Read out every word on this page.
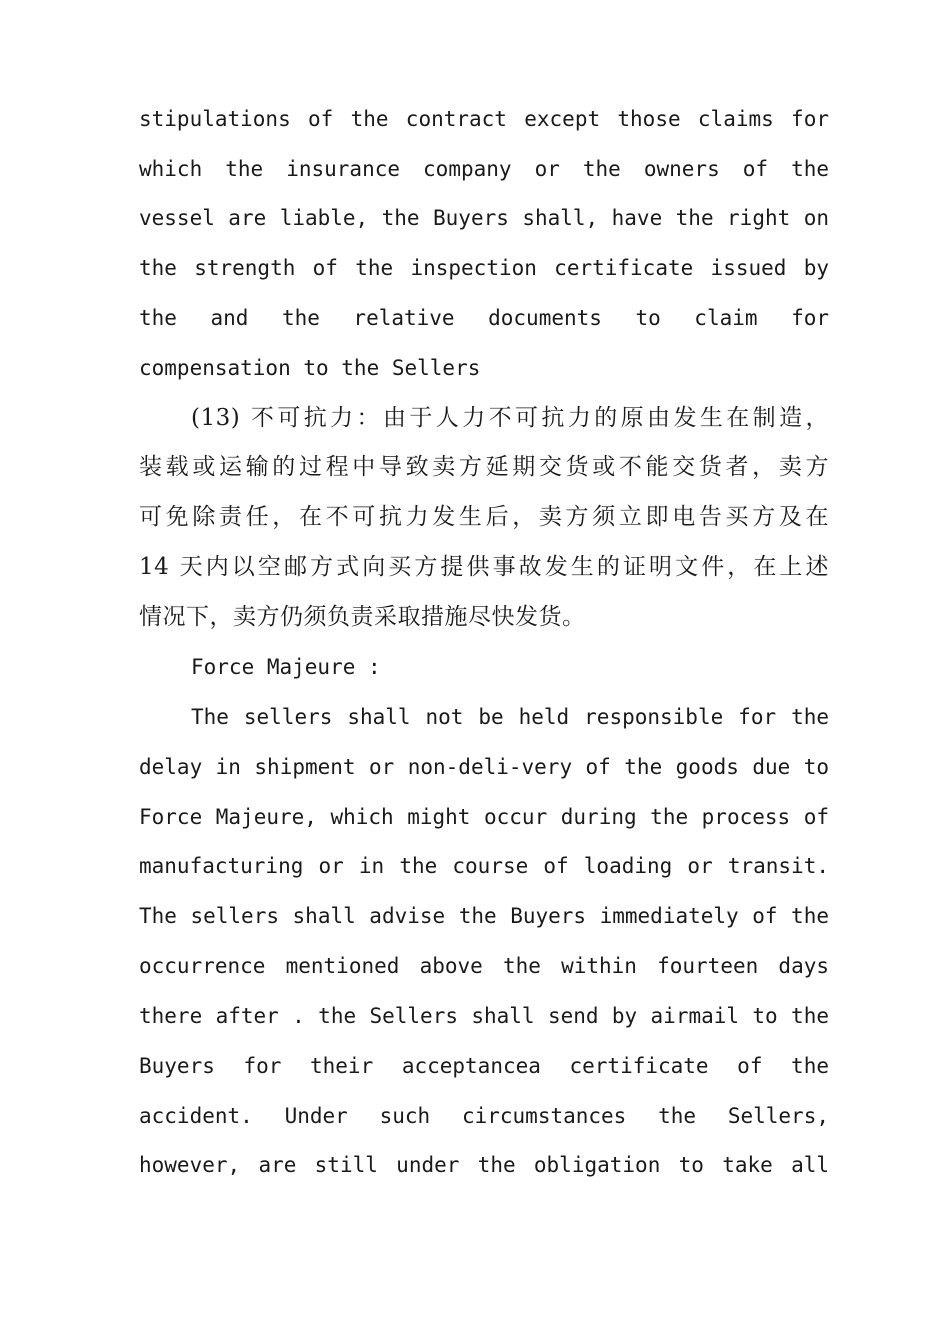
stipulations of the contract except those claims for
which the insurance company or the owners of the
vessel are liable, the Buyers shall, have the right on
the strength of the inspection certificate issued by
the and the relative documents to claim for
compensation to the Sellers
(13) 不可抗力：由于人力不可抗力的原由发生在制造，
装载或运输的过程中导致卖方延期交货或不能交货者，卖方
可免除责任，在不可抗力发生后，卖方须立即电告买方及在
14 天内以空邮方式向买方提供事故发生的证明文件，在上述
情况下，卖方仍须负责采取措施尽快发货。
Force Majeure :
The sellers shall not be held responsible for the
delay in shipment or non-deli-very of the goods due to
Force Majeure, which might occur during the process of
manufacturing or in the course of loading or transit.
The sellers shall advise the Buyers immediately of the
occurrence mentioned above the within fourteen days
there after . the Sellers shall send by airmail to the
Buyers for their acceptancea certificate of the
accident. Under such circumstances the Sellers,
however, are still under the obligation to take all
